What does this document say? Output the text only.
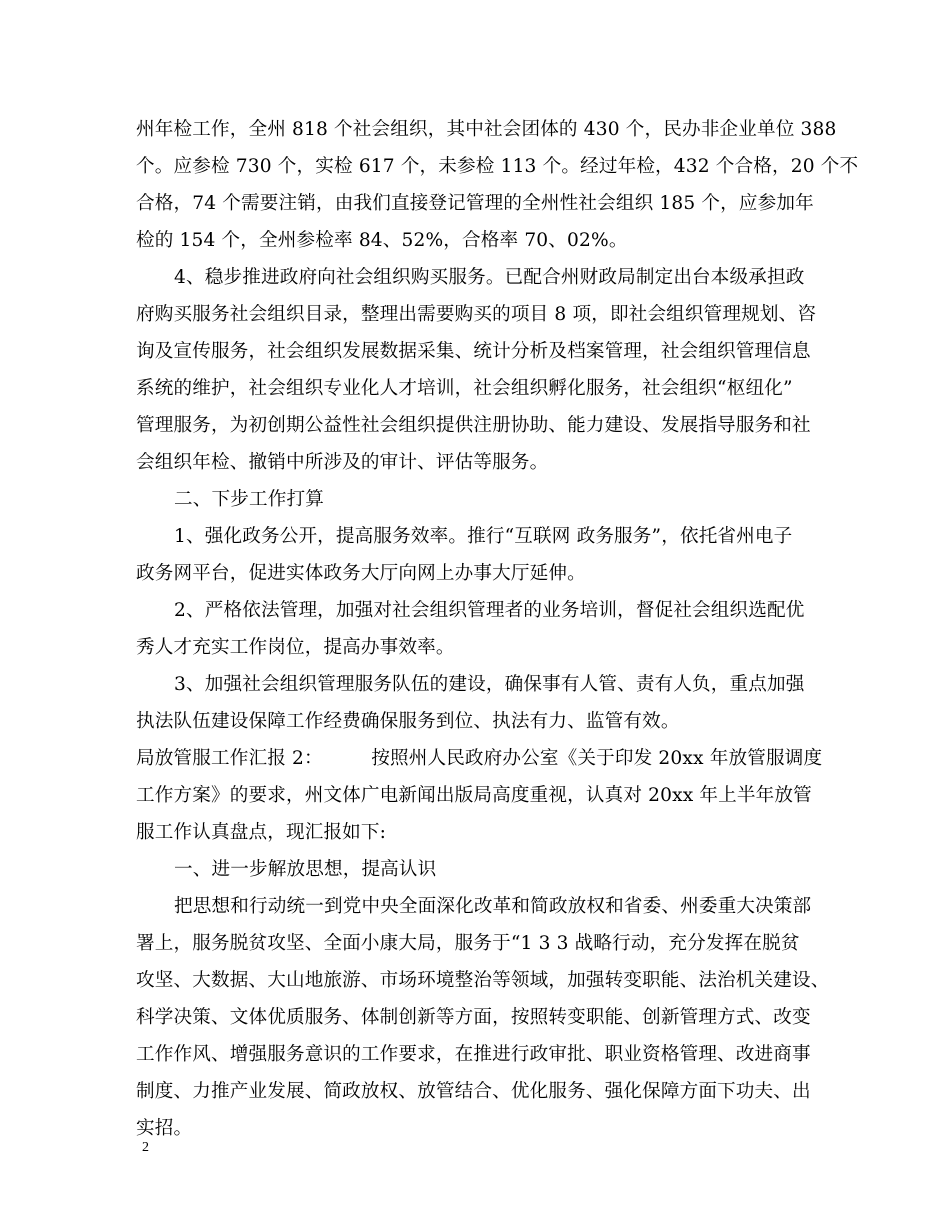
州年检工作，全州 818 个社会组织，其中社会团体的 430 个，民办非企业单位 388
个。应参检 730 个，实检 617 个，未参检 113 个。经过年检，432 个合格，20 个不
合格，74 个需要注销，由我们直接登记管理的全州性社会组织 185 个，应参加年
检的 154 个，全州参检率 84、52%，合格率 70、02%。
4、稳步推进政府向社会组织购买服务。已配合州财政局制定出台本级承担政
府购买服务社会组织目录，整理出需要购买的项目 8 项，即社会组织管理规划、咨
询及宣传服务，社会组织发展数据采集、统计分析及档案管理，社会组织管理信息
系统的维护，社会组织专业化人才培训，社会组织孵化服务，社会组织“枢纽化”
管理服务，为初创期公益性社会组织提供注册协助、能力建设、发展指导服务和社
会组织年检、撤销中所涉及的审计、评估等服务。
二、下步工作打算
1、强化政务公开，提高服务效率。推行“互联网 政务服务”，依托省州电子
政务网平台，促进实体政务大厅向网上办事大厅延伸。
2、严格依法管理，加强对社会组织管理者的业务培训，督促社会组织选配优
秀人才充实工作岗位，提高办事效率。
3、加强社会组织管理服务队伍的建设，确保事有人管、责有人负，重点加强
执法队伍建设保障工作经费确保服务到位、执法有力、监管有效。
局放管服工作汇报 2：        按照州人民政府办公室《关于印发 20xx 年放管服调度
工作方案》的要求，州文体广电新闻出版局高度重视，认真对 20xx 年上半年放管
服工作认真盘点，现汇报如下:
一、进一步解放思想，提高认识
把思想和行动统一到党中央全面深化改革和简政放权和省委、州委重大决策部
署上，服务脱贫攻坚、全面小康大局，服务于“1 3 3 战略行动，充分发挥在脱贫
攻坚、大数据、大山地旅游、市场环境整治等领域，加强转变职能、法治机关建设、
科学决策、文体优质服务、体制创新等方面，按照转变职能、创新管理方式、改变
工作作风、增强服务意识的工作要求，在推进行政审批、职业资格管理、改进商事
制度、力推产业发展、简政放权、放管结合、优化服务、强化保障方面下功夫、出
实招。
2
